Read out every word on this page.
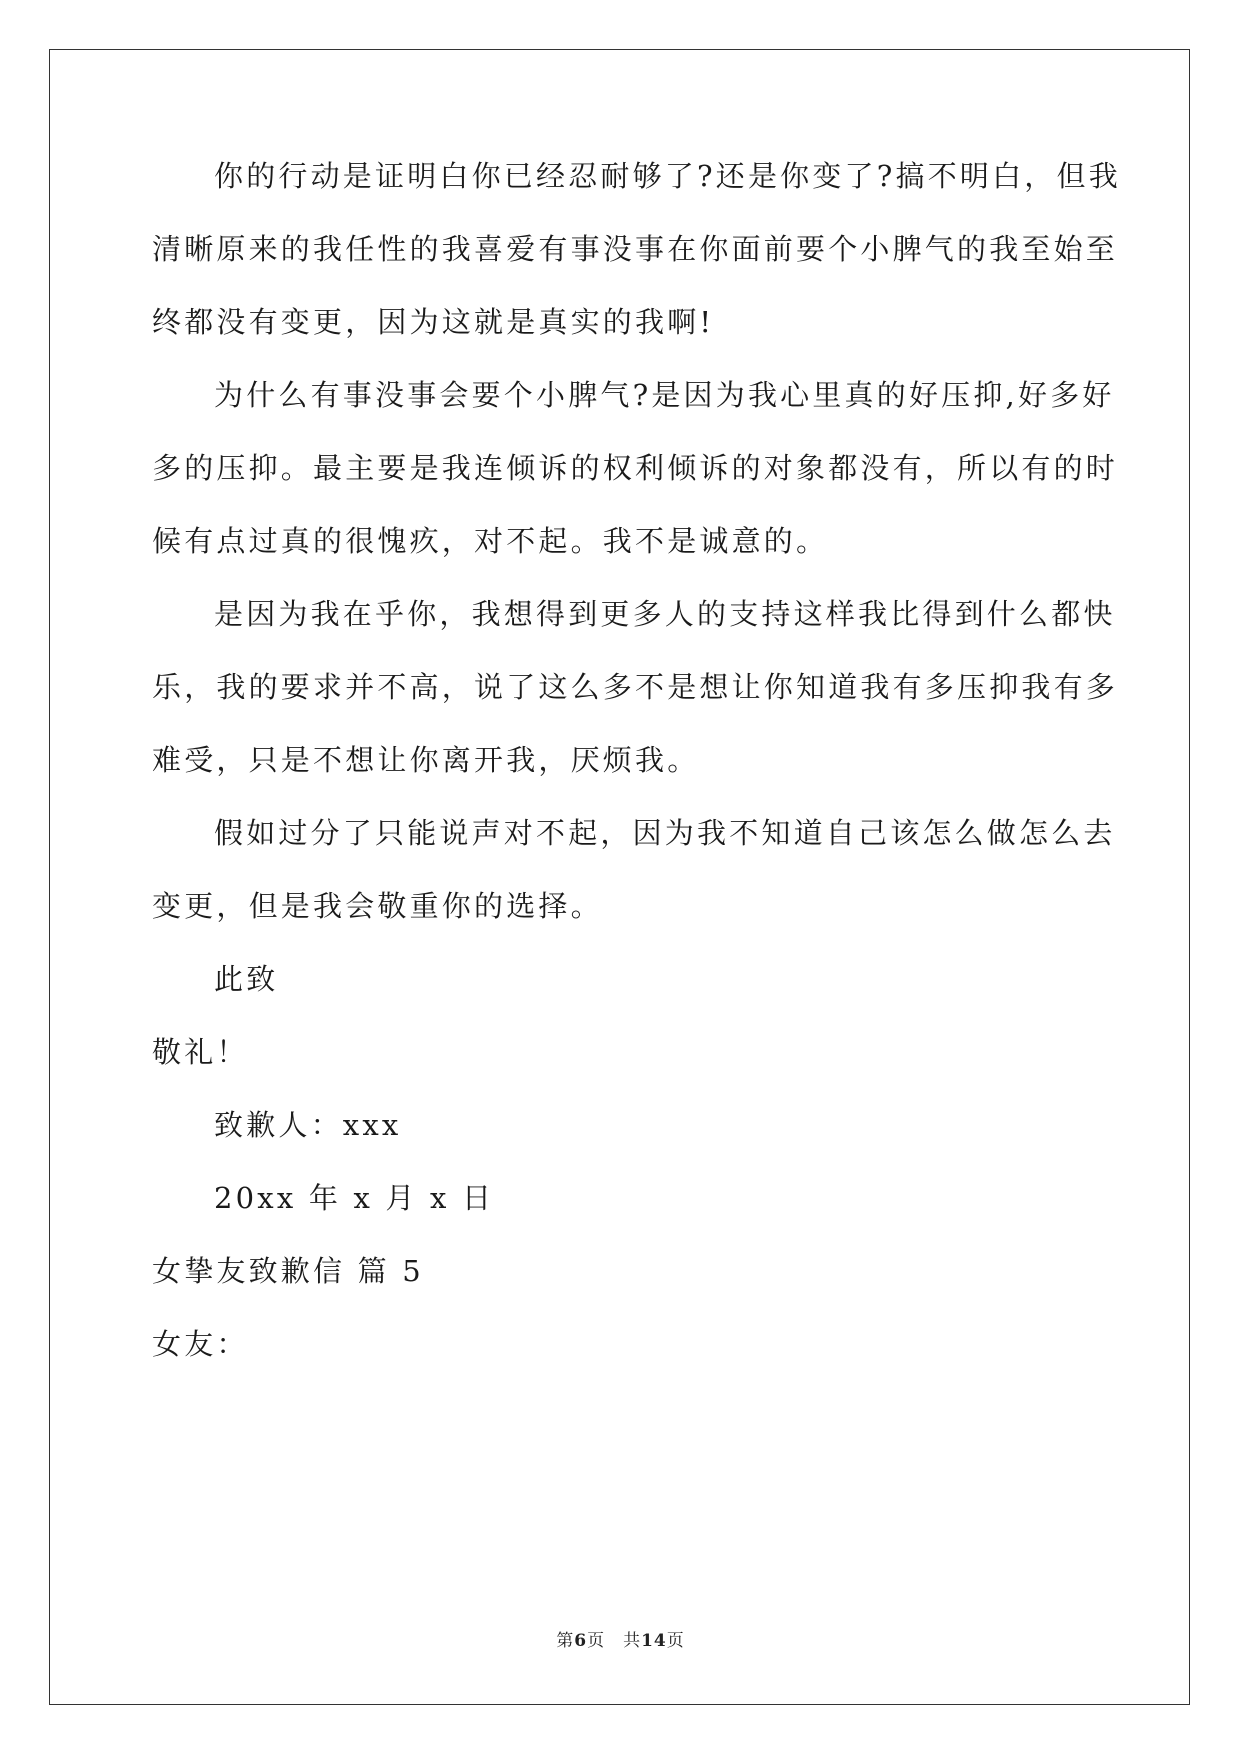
你的行动是证明白你已经忍耐够了?还是你变了?搞不明白，但我
清晰原来的我任性的我喜爱有事没事在你面前要个小脾气的我至始至
终都没有变更，因为这就是真实的我啊!
为什么有事没事会要个小脾气?是因为我心里真的好压抑,好多好
多的压抑。最主要是我连倾诉的权利倾诉的对象都没有，所以有的时
候有点过真的很愧疚，对不起。我不是诚意的。
是因为我在乎你，我想得到更多人的支持这样我比得到什么都快
乐，我的要求并不高，说了这么多不是想让你知道我有多压抑我有多
难受，只是不想让你离开我，厌烦我。
假如过分了只能说声对不起，因为我不知道自己该怎么做怎么去
变更，但是我会敬重你的选择。
此致
敬礼！
致歉人：xxx
20xx 年 x 月 x 日
女挚友致歉信 篇 5
女友：
第6页　共14页
